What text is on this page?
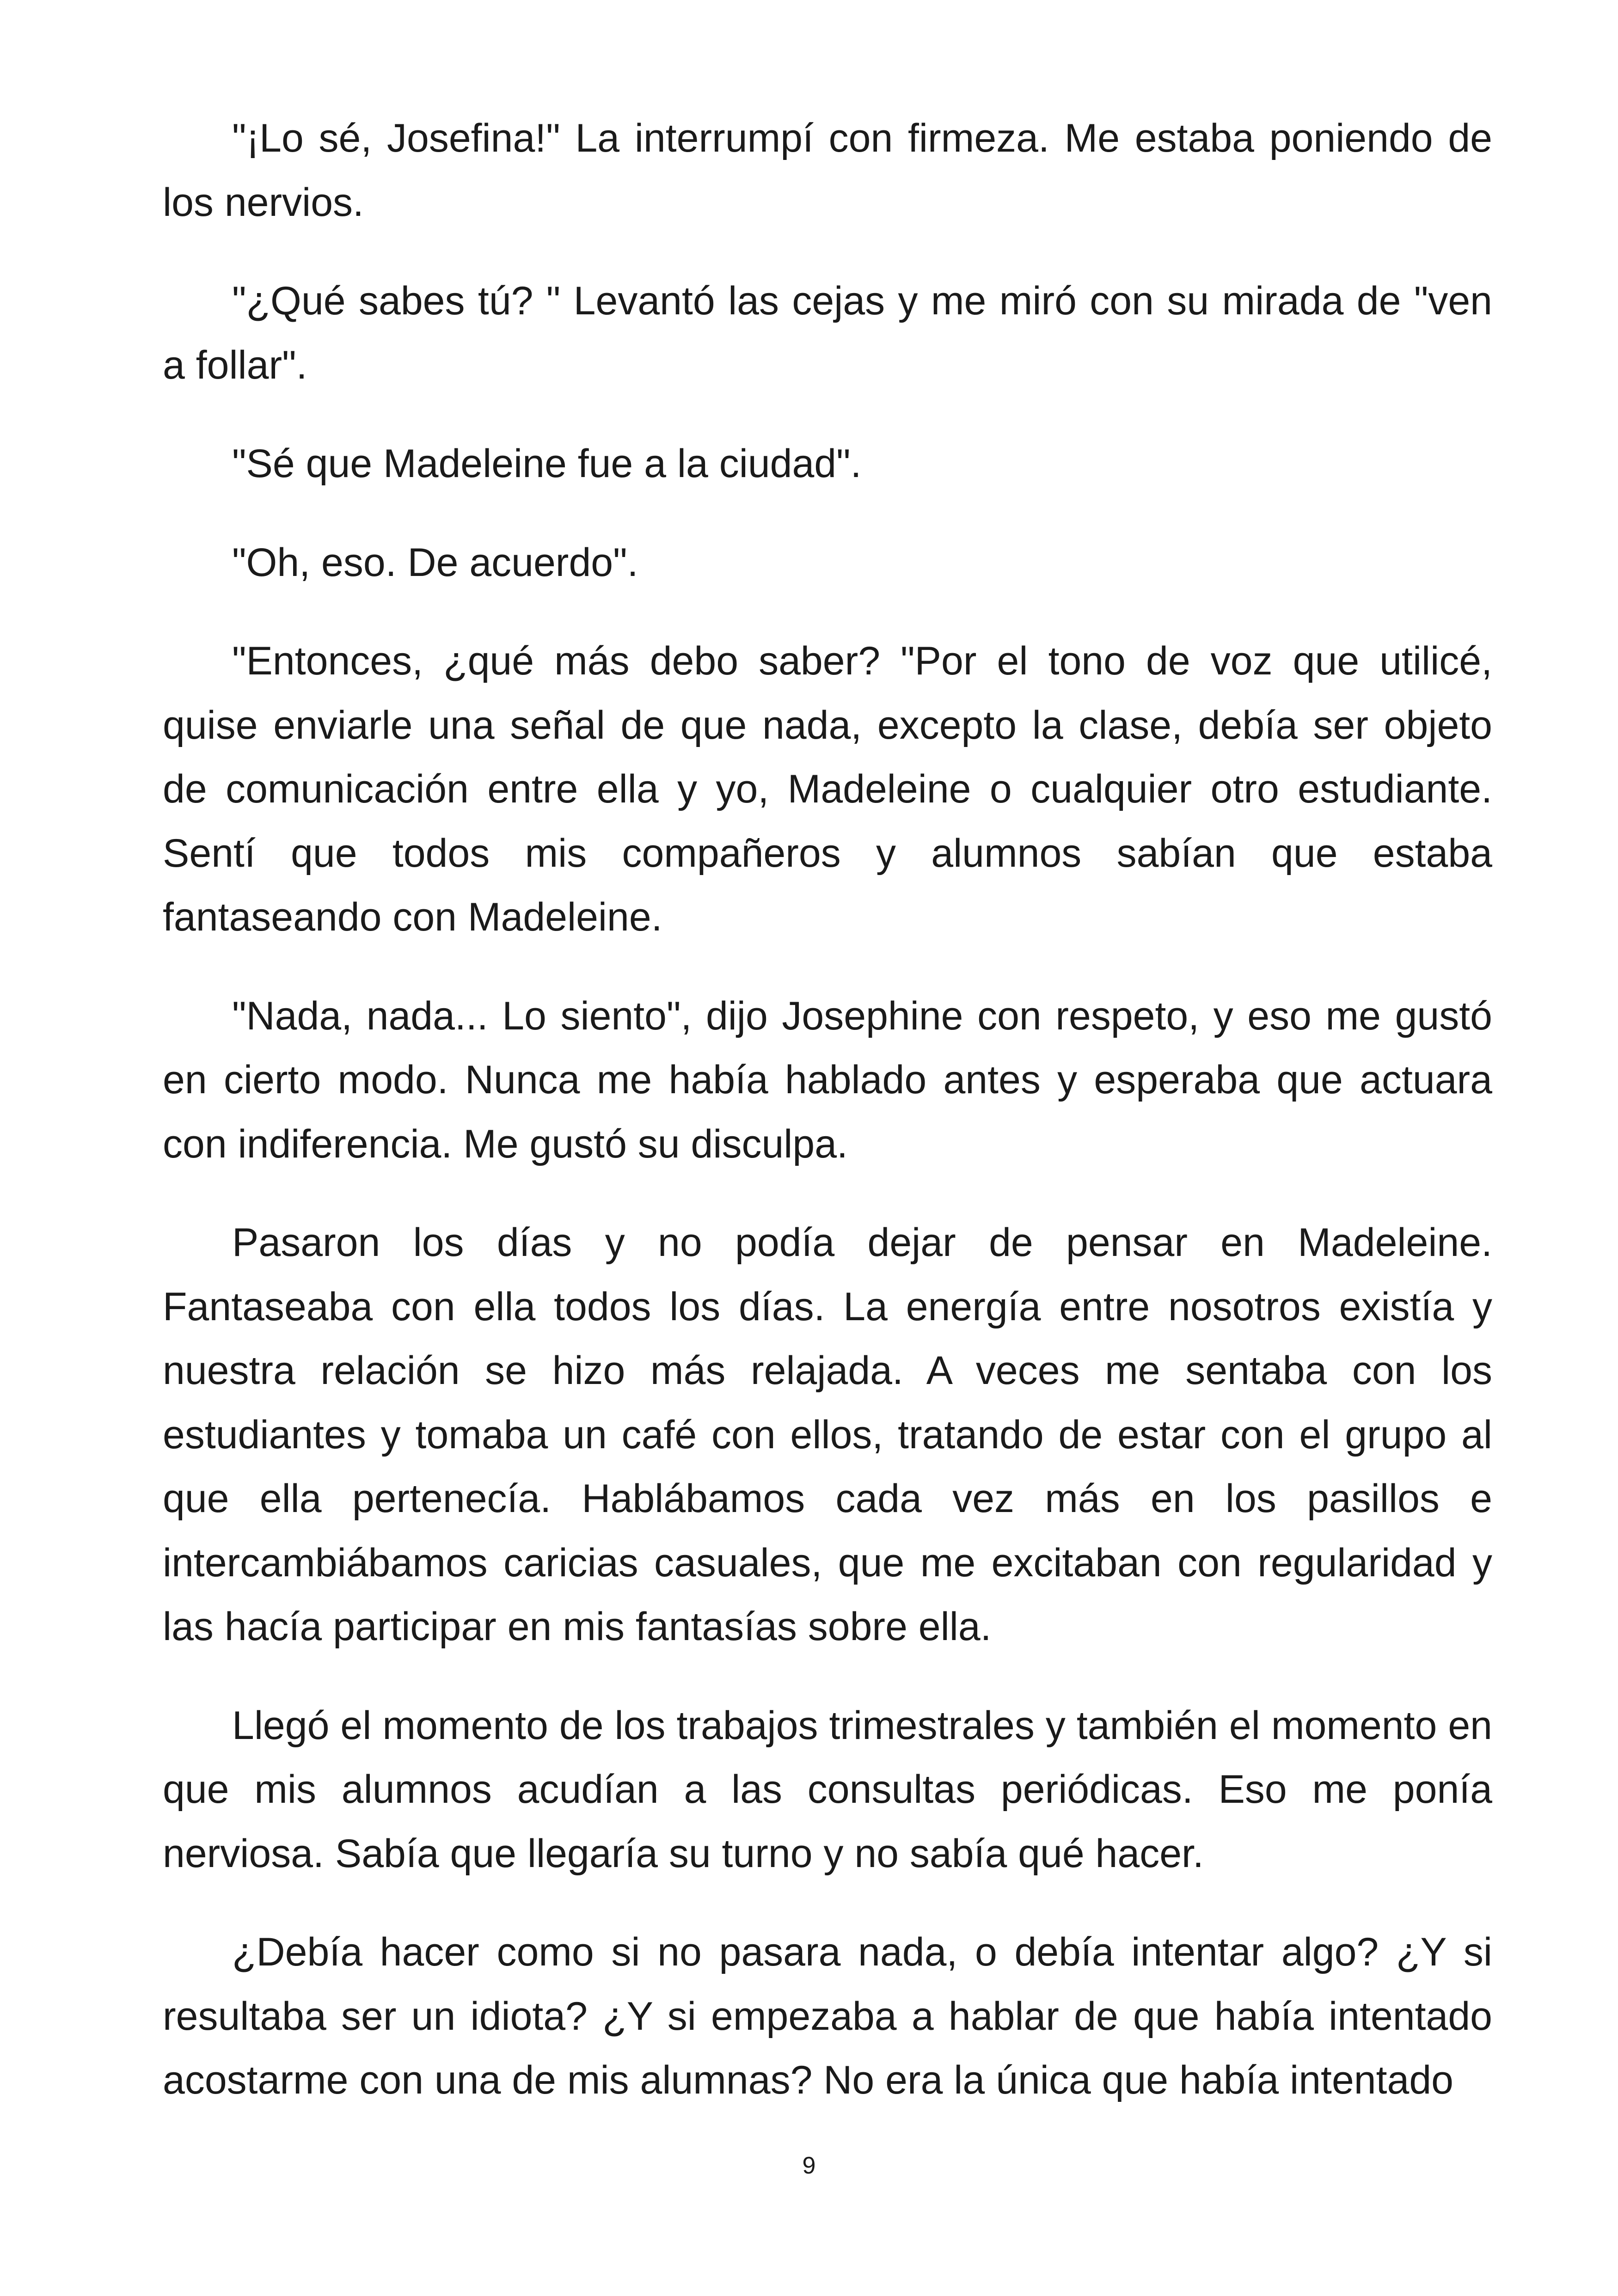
"¡Lo sé, Josefina!" La interrumpí con firmeza. Me estaba poniendo de los nervios.

"¿Qué sabes tú? " Levantó las cejas y me miró con su mirada de "ven a follar".

"Sé que Madeleine fue a la ciudad".

"Oh, eso. De acuerdo".

"Entonces, ¿qué más debo saber? "Por el tono de voz que utilicé, quise enviarle una señal de que nada, excepto la clase, debía ser objeto de comunicación entre ella y yo, Madeleine o cualquier otro estudiante. Sentí que todos mis compañeros y alumnos sabían que estaba fantaseando con Madeleine.

"Nada, nada... Lo siento", dijo Josephine con respeto, y eso me gustó en cierto modo. Nunca me había hablado antes y esperaba que actuara con indiferencia. Me gustó su disculpa.

Pasaron los días y no podía dejar de pensar en Madeleine. Fantaseaba con ella todos los días. La energía entre nosotros existía y nuestra relación se hizo más relajada. A veces me sentaba con los estudiantes y tomaba un café con ellos, tratando de estar con el grupo al que ella pertenecía. Hablábamos cada vez más en los pasillos e intercambiábamos caricias casuales, que me excitaban con regularidad y las hacía participar en mis fantasías sobre ella.

Llegó el momento de los trabajos trimestrales y también el momento en que mis alumnos acudían a las consultas periódicas. Eso me ponía nerviosa. Sabía que llegaría su turno y no sabía qué hacer.

¿Debía hacer como si no pasara nada, o debía intentar algo? ¿Y si resultaba ser un idiota? ¿Y si empezaba a hablar de que había intentado acostarme con una de mis alumnas? No era la única que había intentado

9
